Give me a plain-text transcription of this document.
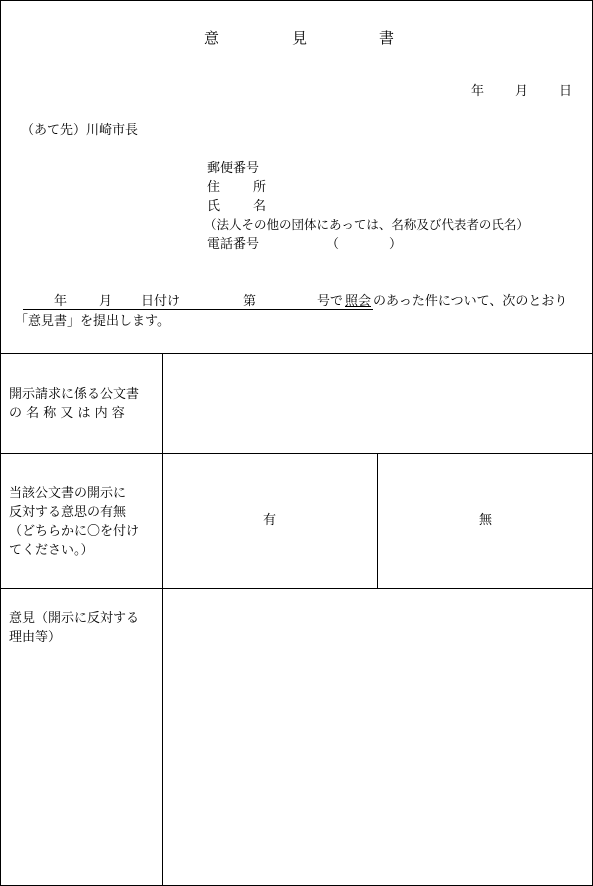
意	見	書
年 月 日
（あて先）川崎市長
郵便番号
住	所
氏	名
（法人その他の団体にあっては、名称及び代表者の氏名）
電話番号	（	）
年 月 日付け	第	号で 照会 のあった件について、次のとおり
「意見書」を提出します。
開示請求に係る公文書
の 名 称 又 は 内 容
当該公文書の開示に
反対する意思の有無
（どちらかに〇を付け
てください。）
有	無
意見（開示に反対する
理由等）
